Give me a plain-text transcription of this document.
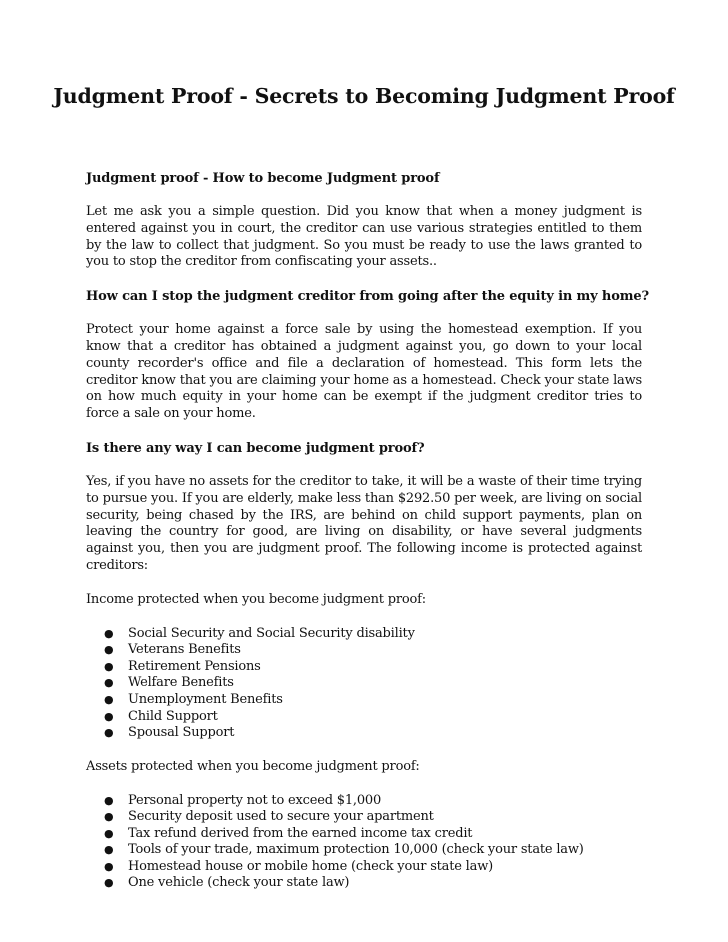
Judgment Proof - Secrets to Becoming Judgment Proof
Judgment proof - How to become Judgment proof

Let me ask you a simple question. Did you know that when a money judgment is entered against you in court, the creditor can use various strategies entitled to them by the law to collect that judgment. So you must be ready to use the laws granted to you to stop the creditor from confiscating your assets..

How can I stop the judgment creditor from going after the equity in my home?

Protect your home against a force sale by using the homestead exemption. If you know that a creditor has obtained a judgment against you, go down to your local county recorder's office and file a declaration of homestead. This form lets the creditor know that you are claiming your home as a homestead. Check your state laws on how much equity in your home can be exempt if the judgment creditor tries to force a sale on your home.

Is there any way I can become judgment proof?

Yes, if you have no assets for the creditor to take, it will be a waste of their time trying to pursue you. If you are elderly, make less than $292.50 per week, are living on social security, being chased by the IRS, are behind on child support payments, plan on leaving the country for good, are living on disability, or have several judgments against you, then you are judgment proof. The following income is protected against creditors:

Income protected when you become judgment proof:

● Social Security and Social Security disability
● Veterans Benefits
● Retirement Pensions
● Welfare Benefits
● Unemployment Benefits
● Child Support
● Spousal Support

Assets protected when you become judgment proof:

● Personal property not to exceed $1,000
● Security deposit used to secure your apartment
● Tax refund derived from the earned income tax credit
● Tools of your trade, maximum protection 10,000 (check your state law)
● Homestead house or mobile home (check your state law)
● One vehicle (check your state law)
